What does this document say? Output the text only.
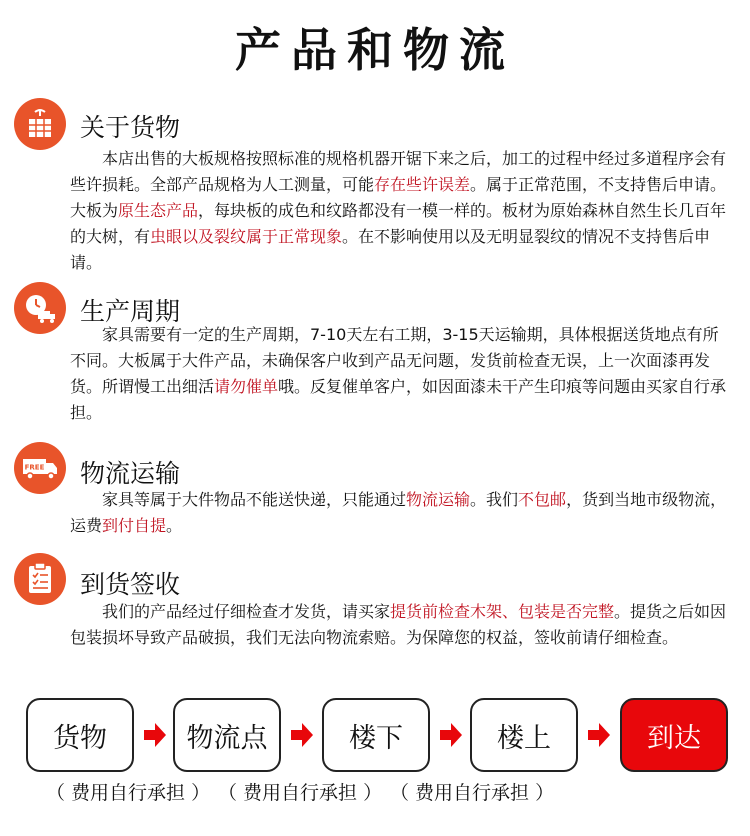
产品和物流
关于货物

本店出售的大板规格按照标准的规格机器开锯下来之后，加工的过程中经过多道程序会有些许损耗。全部产品规格为人工测量，可能存在些许误差。属于正常范围，不支持售后申请。大板为原生态产品，每块板的成色和纹路都没有一模一样的。板材为原始森林自然生长几百年的大树，有虫眼以及裂纹属于正常现象。在不影响使用以及无明显裂纹的情况不支持售后申请。

生产周期

家具需要有一定的生产周期，7-10天左右工期，3-15天运输期，具体根据送货地点有所不同。大板属于大件产品，未确保客户收到产品无问题，发货前检查无误，上一次面漆再发货。所谓慢工出细活请勿催单哦。反复催单客户，如因面漆未干产生印痕等问题由买家自行承担。

FREE 物流运输

家具等属于大件物品不能送快递，只能通过物流运输。我们不包邮，货到当地市级物流，运费到付自提。

到货签收

我们的产品经过仔细检查才发货，请买家提货前检查木架、包装是否完整。提货之后如因包装损坏导致产品破损，我们无法向物流索赔。为保障您的权益，签收前请仔细检查。

货物	物流点	楼下	楼上	到达
（ 费用自行承担 ） （ 费用自行承担 ） （ 费用自行承担 ）
